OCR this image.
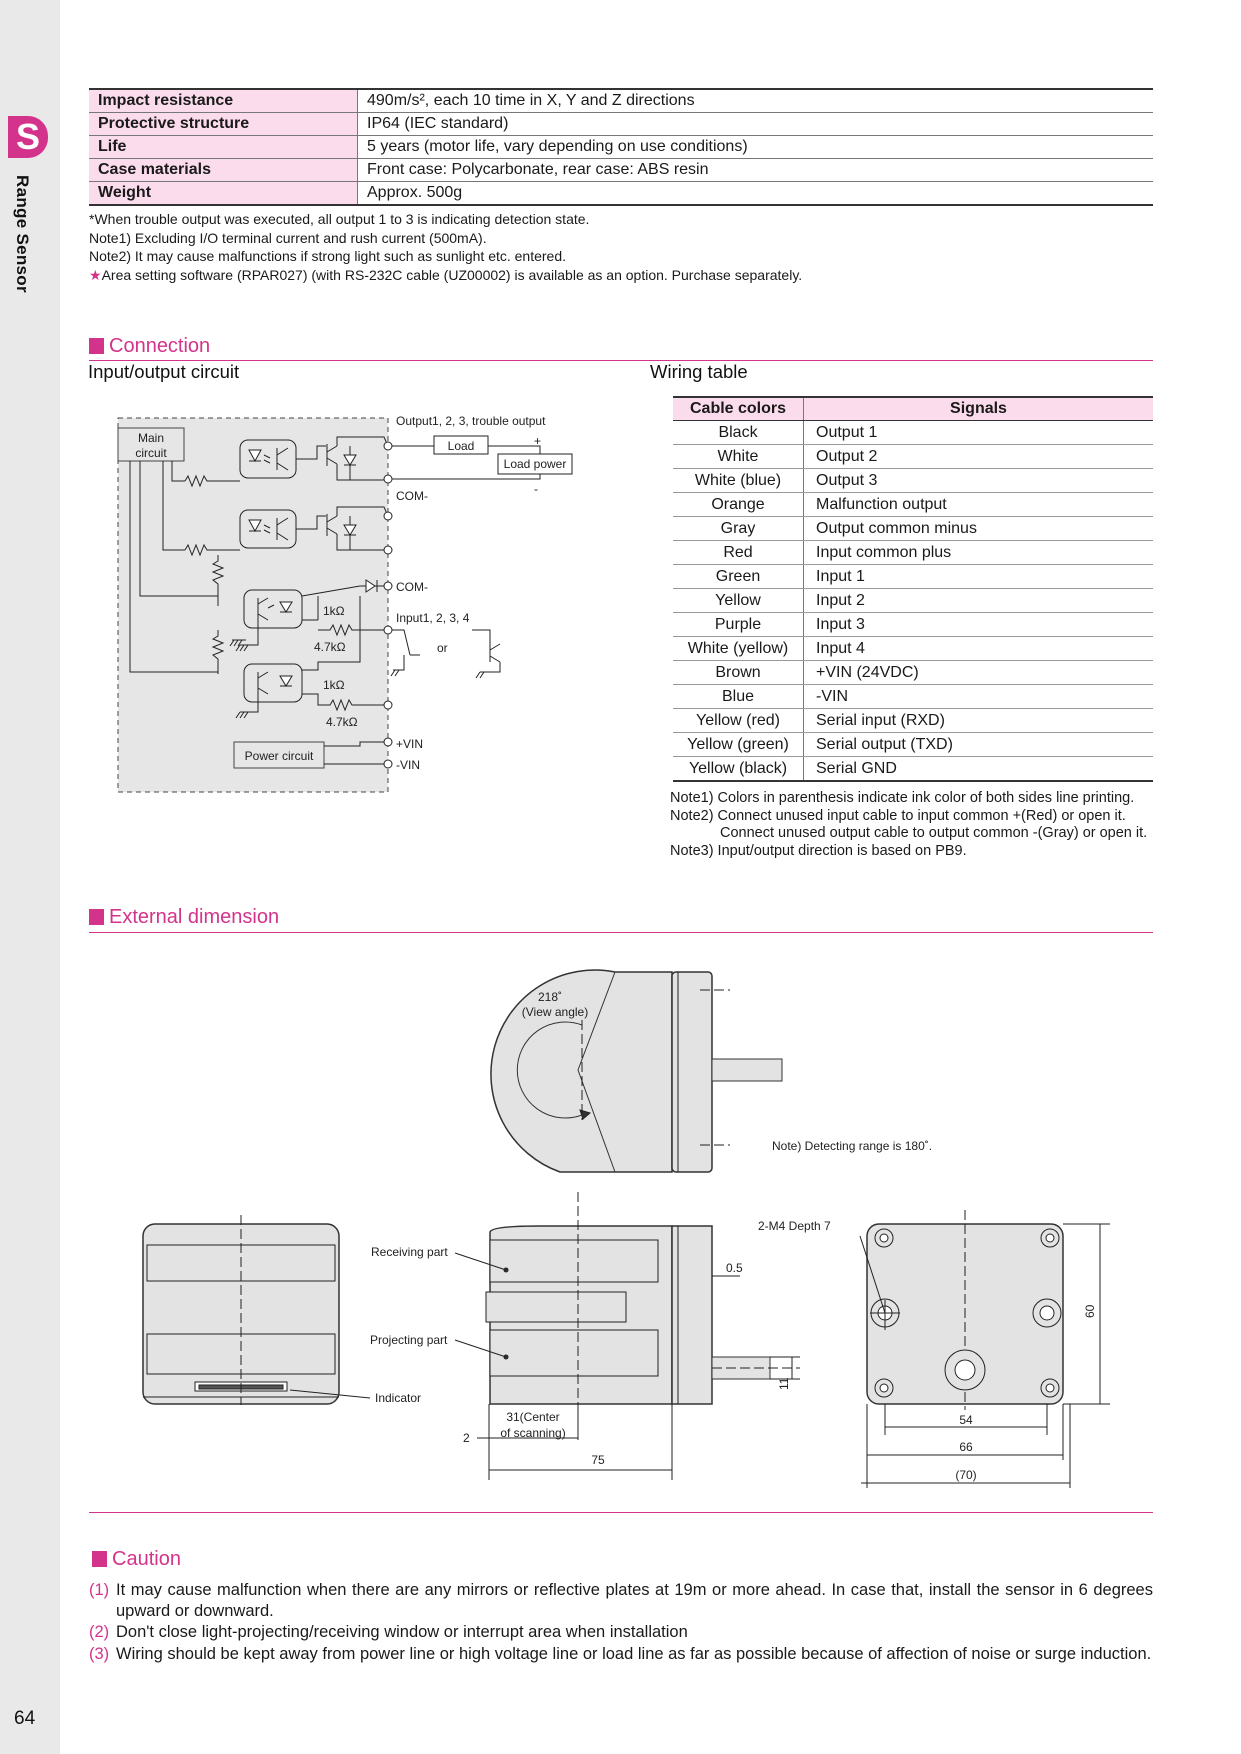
S
Range Sensor
64
Impact resistance	490m/s², each 10 time in X, Y and Z directions
Protective structure	IP64 (IEC standard)
Life	5 years (motor life, vary depending on use conditions)
Case materials	Front case: Polycarbonate, rear case: ABS resin
Weight	Approx. 500g
*When trouble output was executed, all output 1 to 3 is indicating detection state.
Note1) Excluding I/O terminal current and rush current (500mA).
Note2) It may cause malfunctions if strong light such as sunlight etc. entered.
★Area setting software (RPAR027) (with RS-232C cable (UZ00002) is available as an option. Purchase separately.
Connection
Input/output circuit	Wiring table
Main
circuit	Load
Load power
+
-
Output1, 2, 3, trouble output
COM-
COM-
1kΩ
4.7kΩ
1kΩ
4.7kΩ
Input1, 2, 3, 4
or
Power circuit
+VIN
-VIN
Cable colors	Signals
Black	Output 1
White	Output 2
White (blue)	Output 3
Orange	Malfunction output
Gray	Output common minus
Red	Input common plus
Green	Input 1
Yellow	Input 2
Purple	Input 3
White (yellow)	Input 4
Brown	+VIN (24VDC)
Blue	-VIN
Yellow (red)	Serial input (RXD)
Yellow (green)	Serial output (TXD)
Yellow (black)	Serial GND
Note1) Colors in parenthesis indicate ink color of both sides line printing.
Note2) Connect unused input cable to input common +(Red) or open it.
Connect unused output cable to output common -(Gray) or open it.
Note3) Input/output direction is based on PB9.
External dimension
218˚
(View angle)
Note) Detecting range is 180˚.
Indicator
Receiving part
Projecting part
0.5
11
2
31(Center
of scanning)
75
2-M4 Depth 7
60
54
66
(70)
Caution
(1) It may cause malfunction when there are any mirrors or reflective plates at 19m or more ahead. In case that, install the sensor in 6 degrees upward or downward.
(2) Don't close light-projecting/receiving window or interrupt area when installation
(3) Wiring should be kept away from power line or high voltage line or load line as far as possible because of affection of noise or surge induction.
